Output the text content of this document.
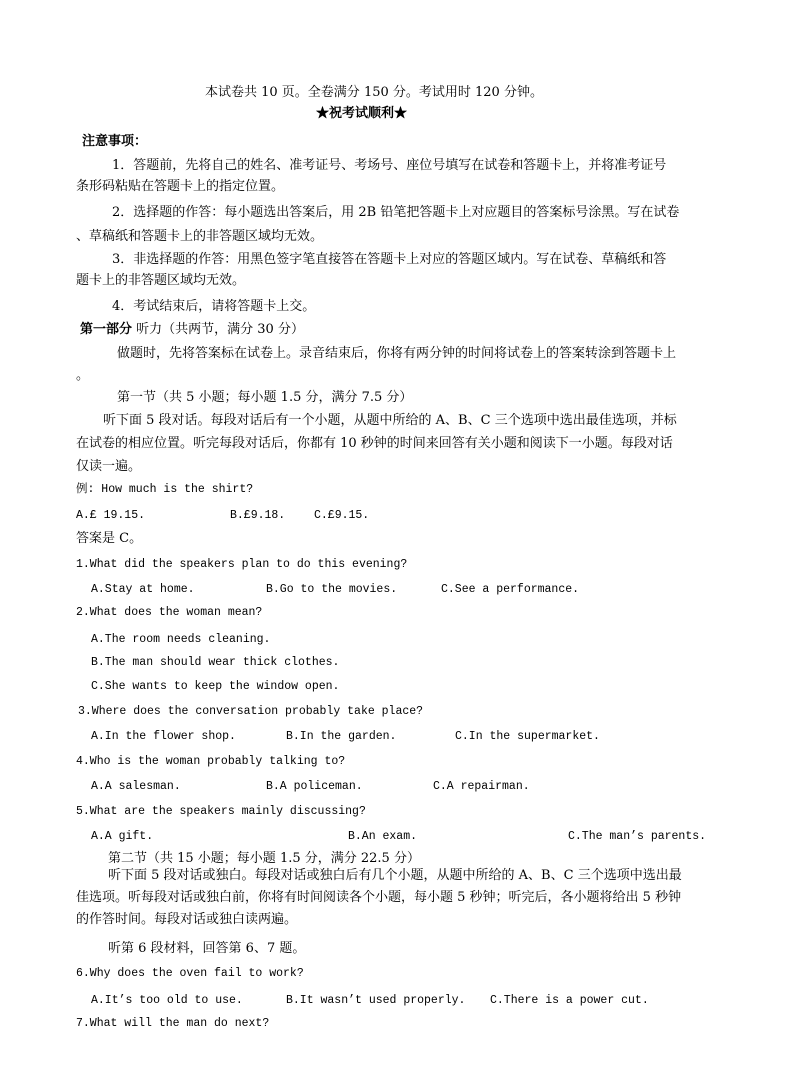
本试卷共 10 页。全卷满分 150 分。考试用时 120 分钟。
★祝考试顺利★
注意事项：
1．答题前，先将自己的姓名、准考证号、考场号、座位号填写在试卷和答题卡上，并将准考证号
条形码粘贴在答题卡上的指定位置。
2．选择题的作答：每小题选出答案后，用 2B 铅笔把答题卡上对应题目的答案标号涂黑。写在试卷
、草稿纸和答题卡上的非答题区域均无效。
3．非选择题的作答：用黑色签字笔直接答在答题卡上对应的答题区域内。写在试卷、草稿纸和答
题卡上的非答题区域均无效。
4．考试结束后，请将答题卡上交。
第一部分 听力（共两节，满分 30 分）
做题时，先将答案标在试卷上。录音结束后，你将有两分钟的时间将试卷上的答案转涂到答题卡上
。
第一节（共 5 小题；每小题 1.5 分，满分 7.5 分）
听下面 5 段对话。每段对话后有一个小题，从题中所给的 A、B、C 三个选项中选出最佳选项，并标
在试卷的相应位置。听完每段对话后，你都有 10 秒钟的时间来回答有关小题和阅读下一小题。每段对话
仅读一遍。
例: How much is the shirt?
A.£ 19.15.	B.£9.18.	C.£9.15.
答案是 C。
1.What did the speakers plan to do this evening?
A.Stay at home.	B.Go to the movies.	C.See a performance.
2.What does the woman mean?
A.The room needs cleaning.
B.The man should wear thick clothes.
C.She wants to keep the window open.
3.Where does the conversation probably take place?
A.In the flower shop.	B.In the garden.	C.In the supermarket.
4.Who is the woman probably talking to?
A.A salesman.	B.A policeman.	C.A repairman.
5.What are the speakers mainly discussing?
A.A gift.	B.An exam.	C.The man’s parents.
第二节（共 15 小题；每小题 1.5 分，满分 22.5 分）
听下面 5 段对话或独白。每段对话或独白后有几个小题，从题中所给的 A、B、C 三个选项中选出最
佳选项。听每段对话或独白前，你将有时间阅读各个小题，每小题 5 秒钟；听完后，各小题将给出 5 秒钟
的作答时间。每段对话或独白读两遍。
听第 6 段材料，回答第 6、7 题。
6.Why does the oven fail to work?
A.It’s too old to use.	B.It wasn’t used properly. C.There is a power cut.
7.What will the man do next?
